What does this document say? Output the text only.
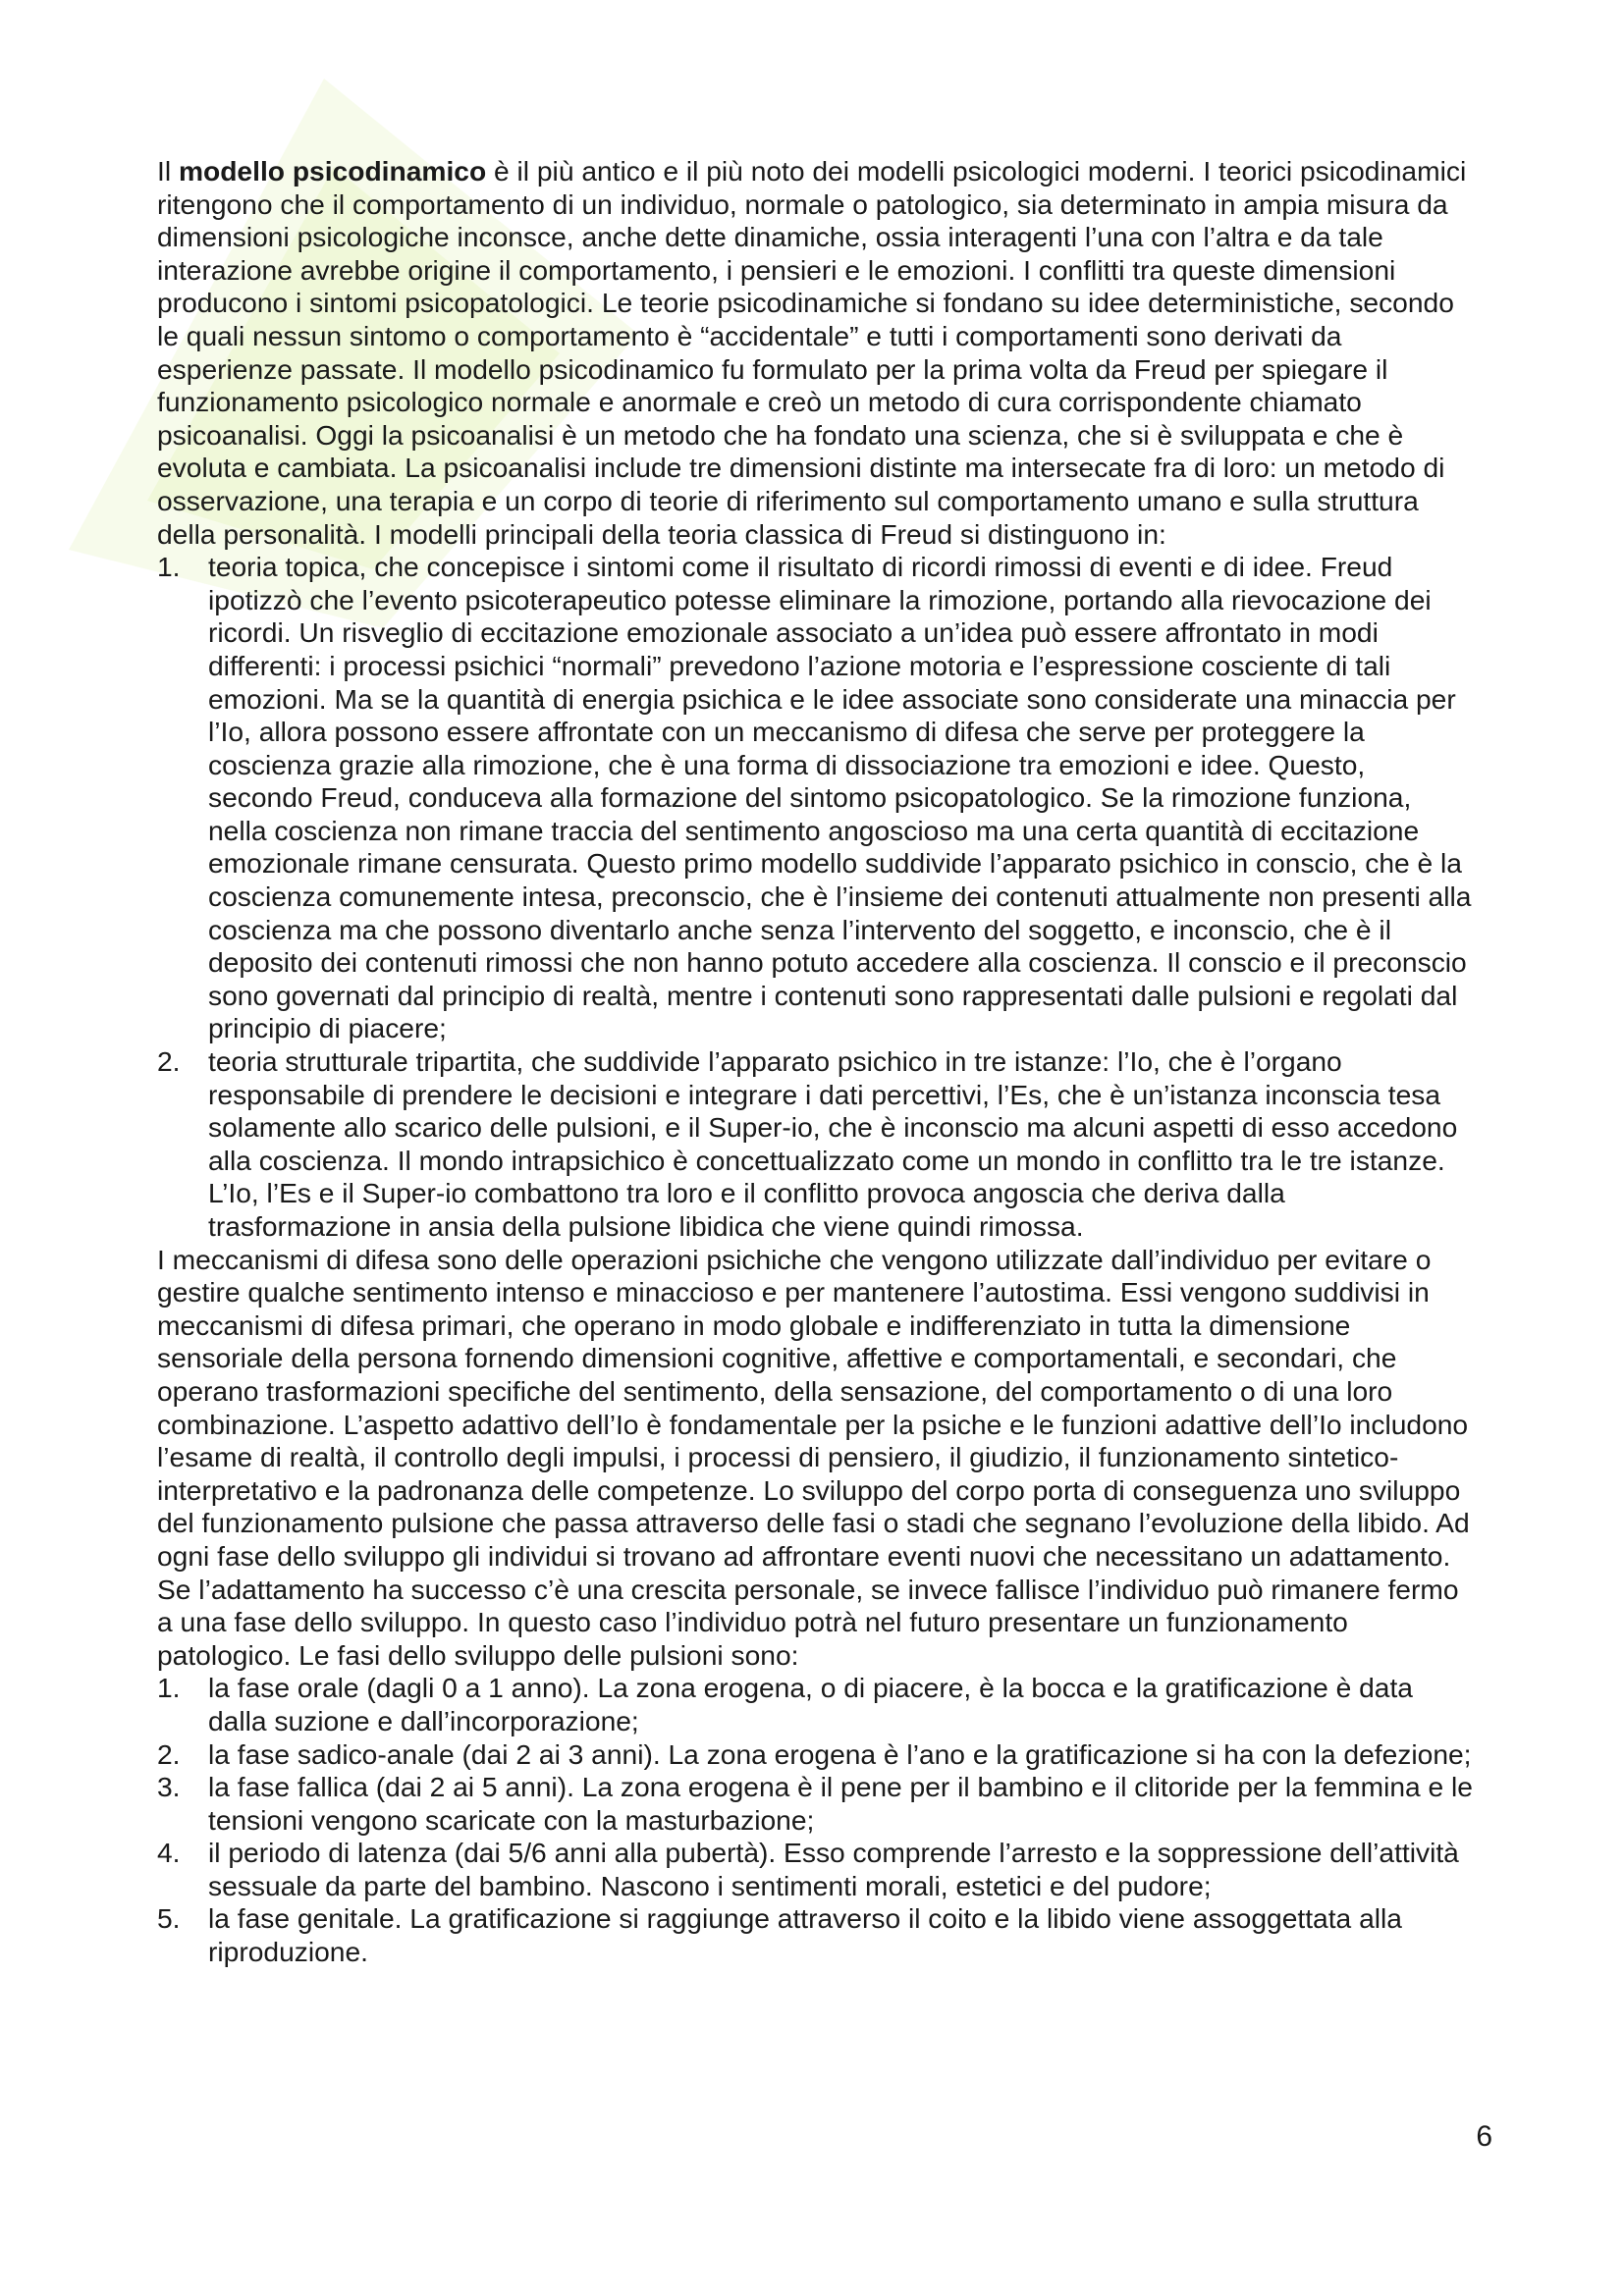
Il modello psicodinamico è il più antico e il più noto dei modelli psicologici moderni. I teorici psicodinamici ritengono che il comportamento di un individuo, normale o patologico, sia determinato in ampia misura da dimensioni psicologiche inconsce, anche dette dinamiche, ossia interagenti l’una con l’altra e da tale interazione avrebbe origine il comportamento, i pensieri e le emozioni. I conflitti tra queste dimensioni producono i sintomi psicopatologici. Le teorie psicodinamiche si fondano su idee deterministiche, secondo le quali nessun sintomo o comportamento è “accidentale” e tutti i comportamenti sono derivati da esperienze passate. Il modello psicodinamico fu formulato per la prima volta da Freud per spiegare il funzionamento psicologico normale e anormale e creò un metodo di cura corrispondente chiamato psicoanalisi. Oggi la psicoanalisi è un metodo che ha fondato una scienza, che si è sviluppata e che è evoluta e cambiata. La psicoanalisi include tre dimensioni distinte ma intersecate fra di loro: un metodo di osservazione, una terapia e un corpo di teorie di riferimento sul comportamento umano e sulla struttura della personalità. I modelli principali della teoria classica di Freud si distinguono in:

1. teoria topica, che concepisce i sintomi come il risultato di ricordi rimossi di eventi e di idee. Freud ipotizzò che l’evento psicoterapeutico potesse eliminare la rimozione, portando alla rievocazione dei ricordi. Un risveglio di eccitazione emozionale associato a un’idea può essere affrontato in modi differenti: i processi psichici “normali” prevedono l’azione motoria e l’espressione cosciente di tali emozioni. Ma se la quantità di energia psichica e le idee associate sono considerate una minaccia per l’Io, allora possono essere affrontate con un meccanismo di difesa che serve per proteggere la coscienza grazie alla rimozione, che è una forma di dissociazione tra emozioni e idee. Questo, secondo Freud, conduceva alla formazione del sintomo psicopatologico. Se la rimozione funziona, nella coscienza non rimane traccia del sentimento angoscioso ma una certa quantità di eccitazione emozionale rimane censurata. Questo primo modello suddivide l’apparato psichico in conscio, che è la coscienza comunemente intesa, preconscio, che è l’insieme dei contenuti attualmente non presenti alla coscienza ma che possono diventarlo anche senza l’intervento del soggetto, e inconscio, che è il deposito dei contenuti rimossi che non hanno potuto accedere alla coscienza. Il conscio e il preconscio sono governati dal principio di realtà, mentre i contenuti sono rappresentati dalle pulsioni e regolati dal principio di piacere;
2. teoria strutturale tripartita, che suddivide l’apparato psichico in tre istanze: l’Io, che è l’organo responsabile di prendere le decisioni e integrare i dati percettivi, l’Es, che è un’istanza inconscia tesa solamente allo scarico delle pulsioni, e il Super-io, che è inconscio ma alcuni aspetti di esso accedono alla coscienza. Il mondo intrapsichico è concettualizzato come un mondo in conflitto tra le tre istanze. L’Io, l’Es e il Super-io combattono tra loro e il conflitto provoca angoscia che deriva dalla trasformazione in ansia della pulsione libidica che viene quindi rimossa.

I meccanismi di difesa sono delle operazioni psichiche che vengono utilizzate dall’individuo per evitare o gestire qualche sentimento intenso e minaccioso e per mantenere l’autostima. Essi vengono suddivisi in meccanismi di difesa primari, che operano in modo globale e indifferenziato in tutta la dimensione sensoriale della persona fornendo dimensioni cognitive, affettive e comportamentali, e secondari, che operano trasformazioni specifiche del sentimento, della sensazione, del comportamento o di una loro combinazione. L’aspetto adattivo dell’Io è fondamentale per la psiche e le funzioni adattive dell’Io includono l’esame di realtà, il controllo degli impulsi, i processi di pensiero, il giudizio, il funzionamento sintetico-interpretativo e la padronanza delle competenze. Lo sviluppo del corpo porta di conseguenza uno sviluppo del funzionamento pulsione che passa attraverso delle fasi o stadi che segnano l’evoluzione della libido. Ad ogni fase dello sviluppo gli individui si trovano ad affrontare eventi nuovi che necessitano un adattamento. Se l’adattamento ha successo c’è una crescita personale, se invece fallisce l’individuo può rimanere fermo a una fase dello sviluppo. In questo caso l’individuo potrà nel futuro presentare un funzionamento patologico. Le fasi dello sviluppo delle pulsioni sono:

1. la fase orale (dagli 0 a 1 anno). La zona erogena, o di piacere, è la bocca e la gratificazione è data dalla suzione e dall’incorporazione;
2. la fase sadico-anale (dai 2 ai 3 anni). La zona erogena è l’ano e la gratificazione si ha con la defezione;
3. la fase fallica (dai 2 ai 5 anni). La zona erogena è il pene per il bambino e il clitoride per la femmina e le tensioni vengono scaricate con la masturbazione;
4. il periodo di latenza (dai 5/6 anni alla pubertà). Esso comprende l’arresto e la soppressione dell’attività sessuale da parte del bambino. Nascono i sentimenti morali, estetici e del pudore;
5. la fase genitale. La gratificazione si raggiunge attraverso il coito e la libido viene assoggettata alla riproduzione.
6
